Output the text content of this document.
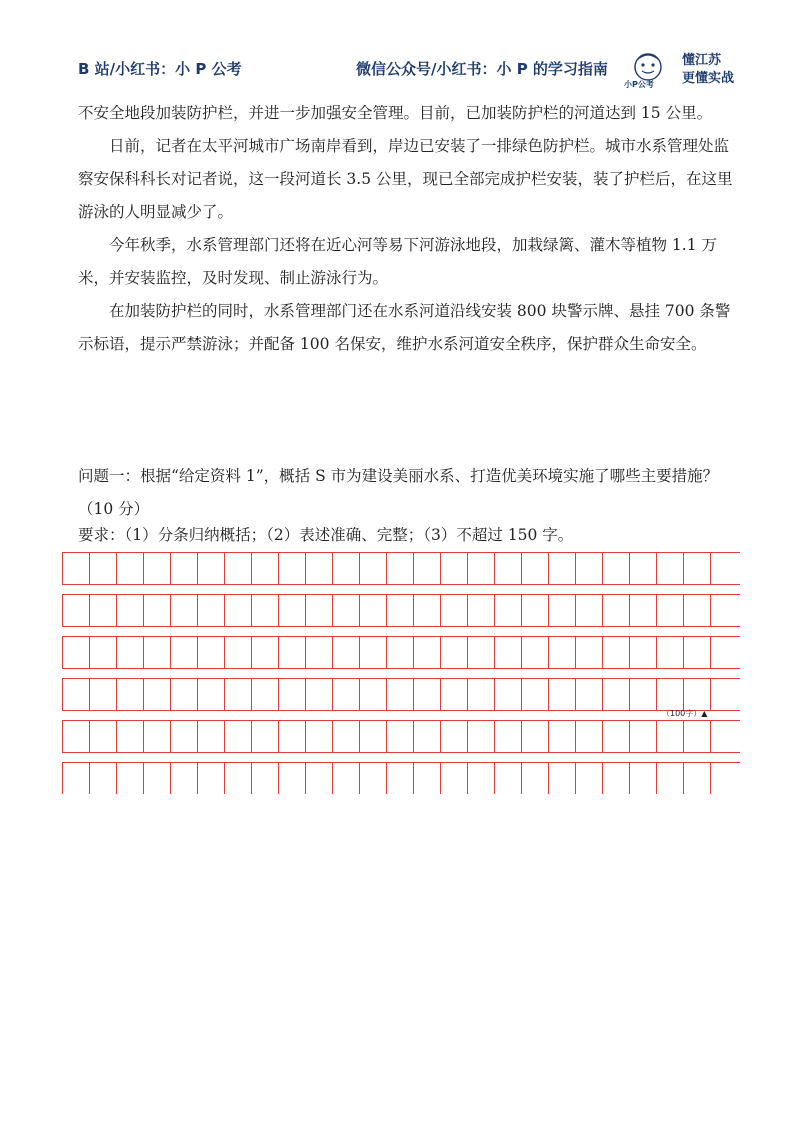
B 站/小红书：小 P 公考	微信公众号/小红书：小 P 的学习指南
小P公考
懂江苏
更懂实战

不安全地段加装防护栏，并进一步加强安全管理。目前，已加装防护栏的河道达到 15 公里。

日前，记者在太平河城市广场南岸看到，岸边已安装了一排绿色防护栏。城市水系管理处监察安保科科长对记者说，这一段河道长 3.5 公里，现已全部完成护栏安装，装了护栏后，在这里游泳的人明显减少了。

今年秋季，水系管理部门还将在近心河等易下河游泳地段，加栽绿篱、灌木等植物 1.1 万米，并安装监控，及时发现、制止游泳行为。

在加装防护栏的同时，水系管理部门还在水系河道沿线安装 800 块警示牌、悬挂 700 条警示标语，提示严禁游泳；并配备 100 名保安，维护水系河道安全秩序，保护群众生命安全。

问题一：根据“给定资料 1”，概括 S 市为建设美丽水系、打造优美环境实施了哪些主要措施？（10 分）

要求：（1）分条归纳概括；（2）表述准确、完整；（3）不超过 150 字。
（100字）▲
